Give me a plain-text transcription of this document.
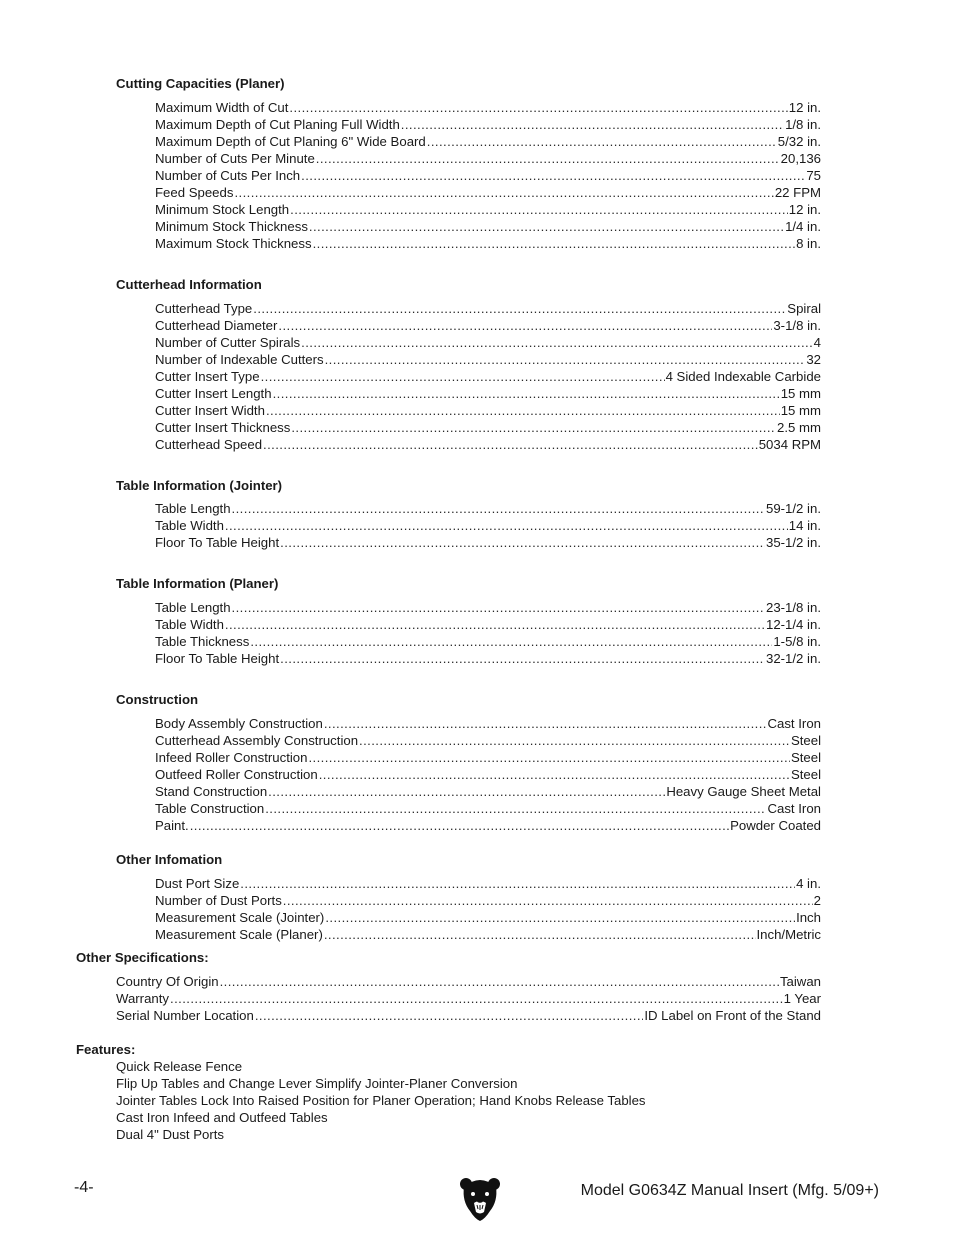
Cutting Capacities (Planer)
Maximum Width of Cut .....	12 in.
Maximum Depth of Cut Planing Full Width .....	1/8 in.
Maximum Depth of Cut Planing 6" Wide Board .....	5/32 in.
Number of Cuts Per Minute .....	20,136
Number of Cuts Per Inch .....	75
Feed Speeds .....	22 FPM
Minimum Stock Length .....	12 in.
Minimum Stock Thickness .....	1/4 in.
Maximum Stock Thickness .....	8 in.
Cutterhead Information
Cutterhead Type .....	Spiral
Cutterhead Diameter .....	3-1/8 in.
Number of Cutter Spirals .....	4
Number of Indexable Cutters .....	32
Cutter Insert Type .....	4 Sided Indexable Carbide
Cutter Insert Length .....	15 mm
Cutter Insert Width .....	15 mm
Cutter Insert Thickness .....	2.5 mm
Cutterhead Speed .....	5034 RPM
Table Information (Jointer)
Table Length .....	59-1/2 in.
Table Width .....	14 in.
Floor To Table Height .....	35-1/2 in.
Table Information (Planer)
Table Length .....	23-1/8 in.
Table Width .....	12-1/4 in.
Table Thickness .....	1-5/8 in.
Floor To Table Height .....	32-1/2 in.
Construction
Body Assembly Construction .....	Cast Iron
Cutterhead Assembly Construction .....	Steel
Infeed Roller Construction .....	Steel
Outfeed Roller Construction .....	Steel
Stand Construction .....	Heavy Gauge Sheet Metal
Table Construction .....	Cast Iron
Paint. .....	Powder Coated
Other Infomation
Dust Port Size .....	4 in.
Number of Dust Ports .....	2
Measurement Scale (Jointer) .....	Inch
Measurement Scale (Planer) .....	Inch/Metric
Other Specifications:
Country Of Origin .....	Taiwan
Warranty .....	1 Year
Serial Number Location .....	ID Label on Front of the Stand
Features:
Quick Release Fence
Flip Up Tables and Change Lever Simplify Jointer-Planer Conversion
Jointer Tables Lock Into Raised Position for Planer Operation; Hand Knobs Release Tables
Cast Iron Infeed and Outfeed Tables
Dual 4" Dust Ports
-4-	Model G0634Z Manual Insert (Mfg. 5/09+)
